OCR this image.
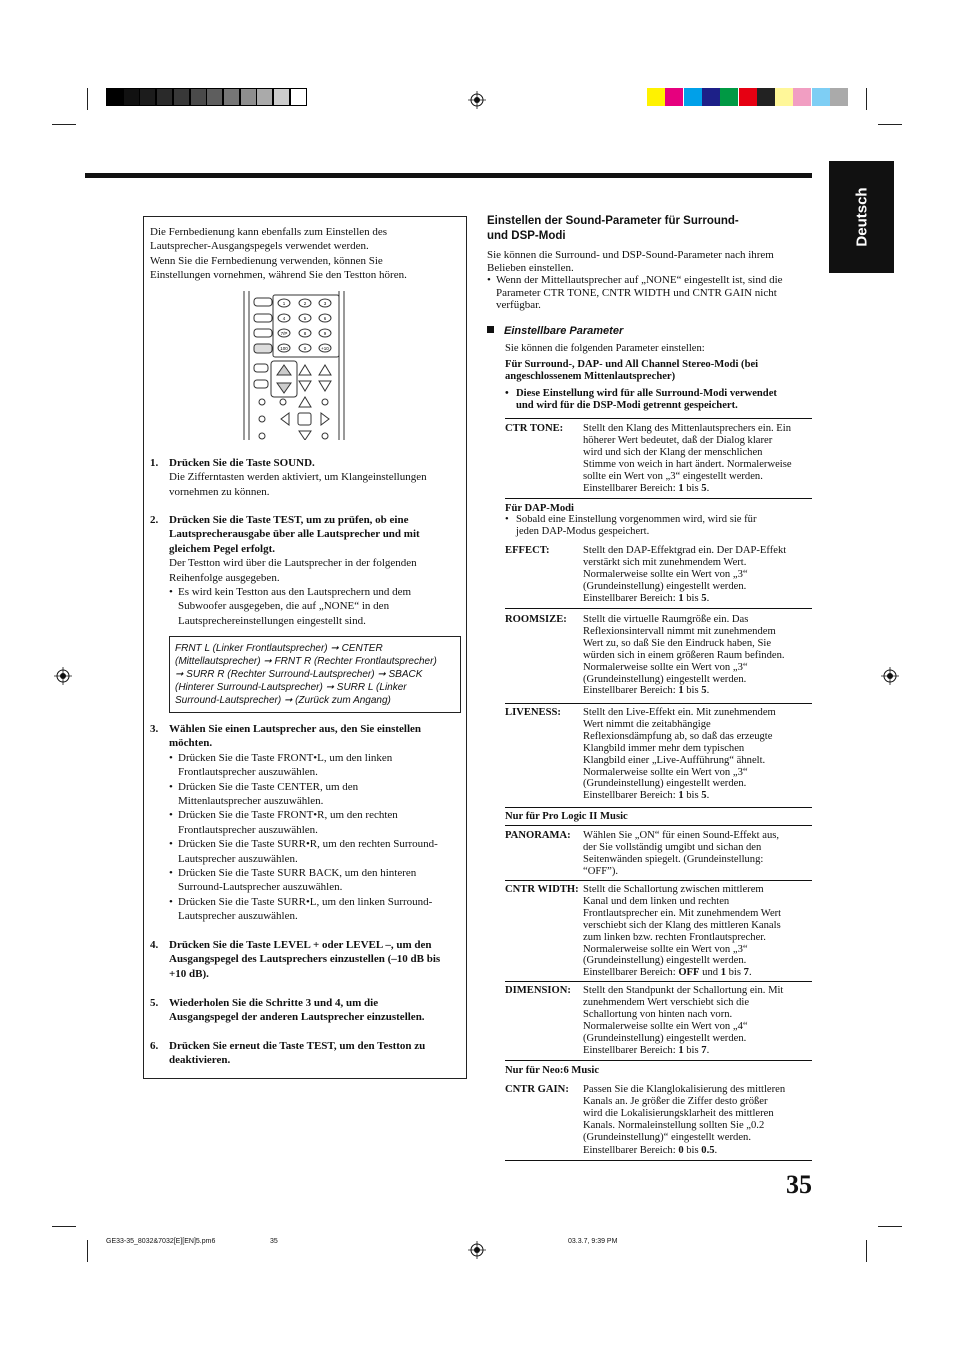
Deutsch
Die Fernbedienung kann ebenfalls zum Einstellen des
Lautsprecher-Ausgangspegels verwendet werden.
Wenn Sie die Fernbedienung verwenden, können Sie
Einstellungen vornehmen, während Sie den Testton hören.
1	2	3
4	5	6
7/P	8	9
100	0	+10
1. Drücken Sie die Taste SOUND.
Die Zifferntasten werden aktiviert, um Klangeinstellungen
vornehmen zu können.
2. Drücken Sie die Taste TEST, um zu prüfen, ob eine
Lautsprecherausgabe über alle Lautsprecher und mit
gleichem Pegel erfolgt.
Der Testton wird über die Lautsprecher in der folgenden
Reihenfolge ausgegeben.
• Es wird kein Testton aus den Lautsprechern und dem
Subwoofer ausgegeben, die auf „NONE“ in den
Lautsprechereinstellungen eingestellt sind.
3. Wählen Sie einen Lautsprecher aus, den Sie einstellen
möchten.
• Drücken Sie die Taste FRONT•L, um den linken
Frontlautsprecher auszuwählen.
• Drücken Sie die Taste CENTER, um den
Mittenlautsprecher auszuwählen.
• Drücken Sie die Taste FRONT•R, um den rechten
Frontlautsprecher auszuwählen.
• Drücken Sie die Taste SURR•R, um den rechten Surround-
Lautsprecher auszuwählen.
• Drücken Sie die Taste SURR BACK, um den hinteren
Surround-Lautsprecher auszuwählen.
• Drücken Sie die Taste SURR•L, um den linken Surround-
Lautsprecher auszuwählen.
4. Drücken Sie die Taste LEVEL + oder LEVEL –, um den
Ausgangspegel des Lautsprechers einzustellen (–10 dB bis
+10 dB).
5. Wiederholen Sie die Schritte 3 und 4, um die
Ausgangspegel der anderen Lautsprecher einzustellen.
6. Drücken Sie erneut die Taste TEST, um den Testton zu
deaktivieren.
FRNT L (Linker Frontlautsprecher) ➞ CENTER
(Mittellautsprecher) ➞ FRNT R (Rechter Frontlautsprecher)
➞ SURR R (Rechter Surround-Lautsprecher) ➞ SBACK
(Hinterer Surround-Lautsprecher) ➞ SURR L (Linker
Surround-Lautsprecher) ➞ (Zurück zum Angang)
Einstellen der Sound-Parameter für Surround-
und DSP-Modi
Sie können die Surround- und DSP-Sound-Parameter nach ihrem
Belieben einstellen.
• Wenn der Mittellautsprecher auf „NONE“ eingestellt ist, sind die
Parameter CTR TONE, CNTR WIDTH und CNTR GAIN nicht
verfügbar.
Einstellbare Parameter
Sie können die folgenden Parameter einstellen:
Für Surround-, DAP- und All Channel Stereo-Modi (bei
angeschlossenem Mittenlautsprecher)
• Diese Einstellung wird für alle Surround-Modi verwendet
und wird für die DSP-Modi getrennt gespeichert.
CTR TONE:	Stellt den Klang des Mittenlautsprechers ein. Ein
höherer Wert bedeutet, daß der Dialog klarer
wird und sich der Klang der menschlichen
Stimme von weich in hart ändert. Normalerweise
sollte ein Wert von „3“ eingestellt werden.
Einstellbarer Bereich: 1 bis 5.
Für DAP-Modi
• Sobald eine Einstellung vorgenommen wird, wird sie für
jeden DAP-Modus gespeichert.
EFFECT:	Stellt den DAP-Effektgrad ein. Der DAP-Effekt
verstärkt sich mit zunehmendem Wert.
Normalerweise sollte ein Wert von „3“
(Grundeinstellung) eingestellt werden.
Einstellbarer Bereich: 1 bis 5.
ROOMSIZE:	Stellt die virtuelle Raumgröße ein. Das
Reflexionsintervall nimmt mit zunehmendem
Wert zu, so daß Sie den Eindruck haben, Sie
würden sich in einem größeren Raum befinden.
Normalerweise sollte ein Wert von „3“
(Grundeinstellung) eingestellt werden.
Einstellbarer Bereich: 1 bis 5.
LIVENESS:	Stellt den Live-Effekt ein. Mit zunehmendem
Wert nimmt die zeitabhängige
Reflexionsdämpfung ab, so daß das erzeugte
Klangbild immer mehr dem typischen
Klangbild einer „Live-Aufführung“ ähnelt.
Normalerweise sollte ein Wert von „3“
(Grundeinstellung) eingestellt werden.
Einstellbarer Bereich: 1 bis 5.
Nur für Pro Logic II Music
PANORAMA:	Wählen Sie „ON“ für einen Sound-Effekt aus,
der Sie vollständig umgibt und sichan den
Seitenwänden spiegelt. (Grundeinstellung:
“OFF”).
CNTR WIDTH: Stellt die Schallortung zwischen mittlerem
Kanal und dem linken und rechten
Frontlautsprecher ein. Mit zunehmendem Wert
verschiebt sich der Klang des mittleren Kanals
zum linken bzw. rechten Frontlautsprecher.
Normalerweise sollte ein Wert von „3“
(Grundeinstellung) eingestellt werden.
Einstellbarer Bereich: OFF und 1 bis 7.
DIMENSION:	Stellt den Standpunkt der Schallortung ein. Mit
zunehmendem Wert verschiebt sich die
Schallortung von hinten nach vorn.
Normalerweise sollte ein Wert von „4“
(Grundeinstellung) eingestellt werden.
Einstellbarer Bereich: 1 bis 7.
Nur für Neo:6 Music
CNTR GAIN:	Passen Sie die Klanglokalisierung des mittleren
Kanals an. Je größer die Ziffer desto größer
wird die Lokalisierungsklarheit des mittleren
Kanals. Normaleinstellung sollten Sie „0.2
(Grundeinstellung)“ eingestellt werden.
Einstellbarer Bereich: 0 bis 0.5.
35
GE33-35_8032&7032[E][EN]5.pm6	35	03.3.7, 9:39 PM
